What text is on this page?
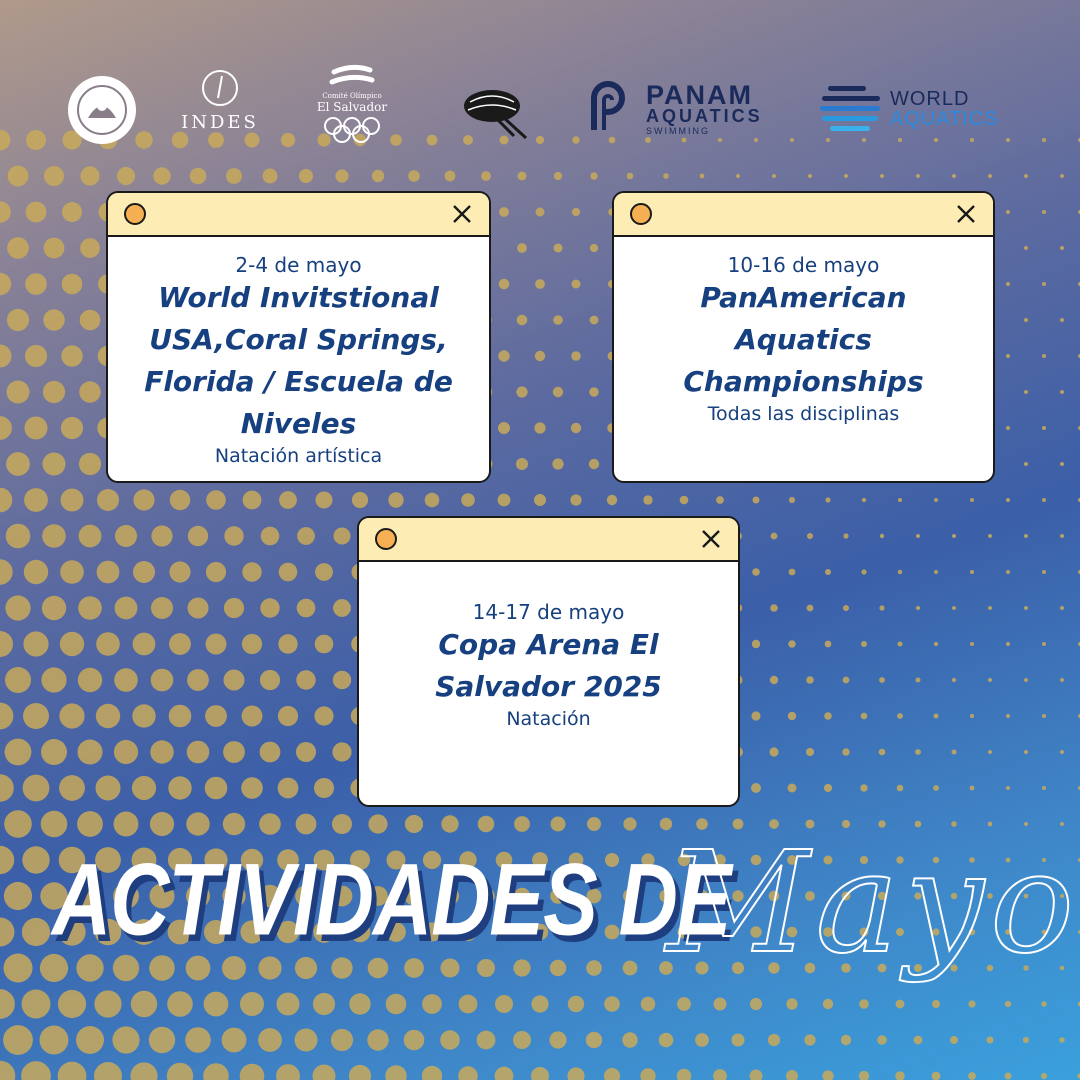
INDES
Comité Olímpico
El Salvador	PANAM
AQUATICS
SWIMMING
WORLD
AQUATICS
2-4 de mayo
World Invitstional
USA,Coral Springs,
Florida / Escuela de
Niveles
Natación artística
10-16 de mayo
PanAmerican
Aquatics
Championships
Todas las disciplinas
14-17 de mayo
Copa Arena El
Salvador 2025
Natación
ACTIVIDADES DE
Mayo
